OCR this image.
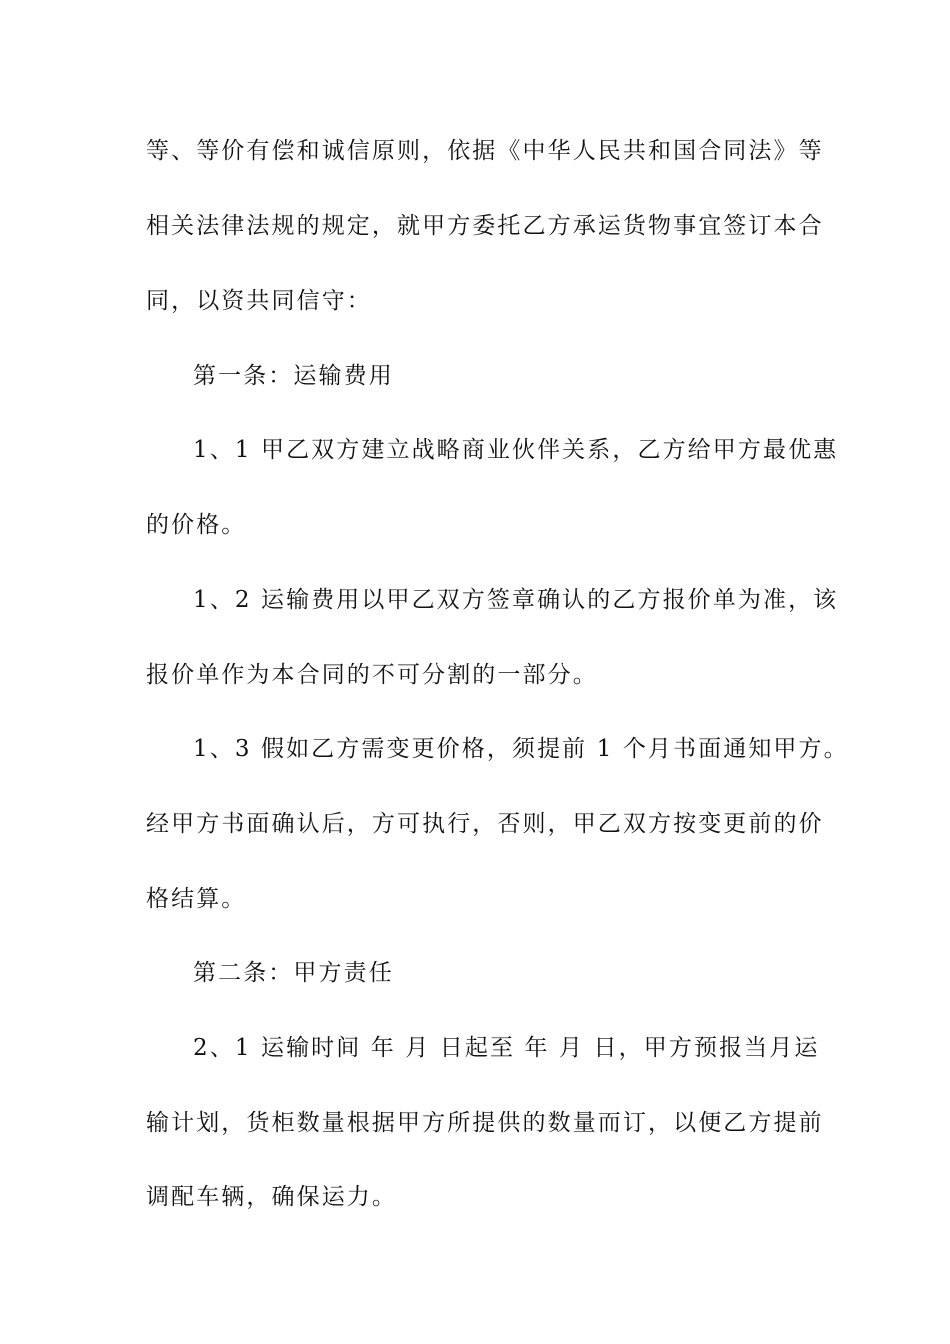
等、等价有偿和诚信原则，依据《中华人民共和国合同法》等
相关法律法规的规定，就甲方委托乙方承运货物事宜签订本合
同，以资共同信守：
第一条：运输费用
1、1 甲乙双方建立战略商业伙伴关系，乙方给甲方最优惠
的价格。
1、2 运输费用以甲乙双方签章确认的乙方报价单为准，该
报价单作为本合同的不可分割的一部分。
1、3 假如乙方需变更价格，须提前 1 个月书面通知甲方。
经甲方书面确认后，方可执行，否则，甲乙双方按变更前的价
格结算。
第二条：甲方责任
2、1 运输时间 年 月 日起至 年 月 日，甲方预报当月运
输计划，货柜数量根据甲方所提供的数量而订，以便乙方提前
调配车辆，确保运力。
